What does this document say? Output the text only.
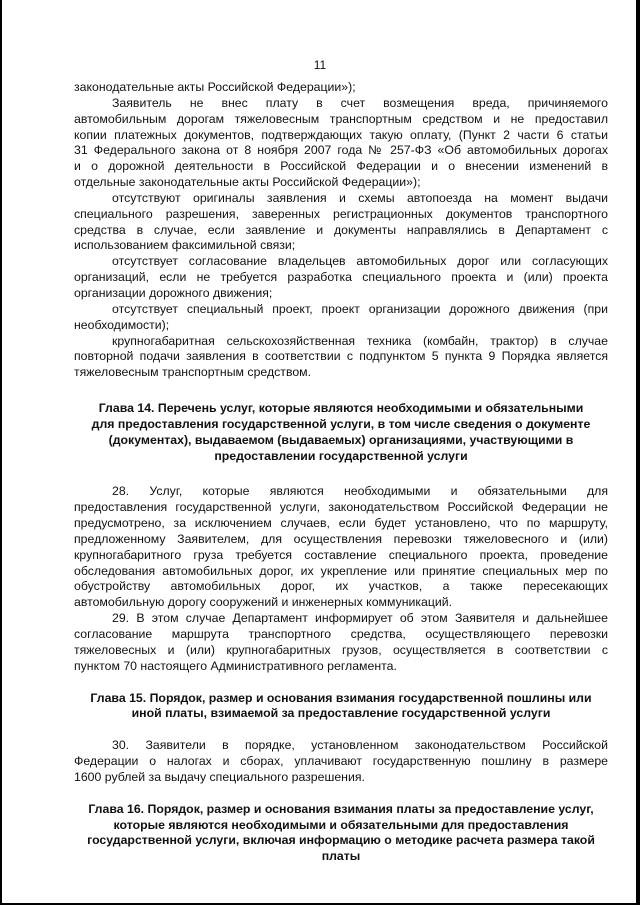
11
законодательные акты Российской Федерации»);
Заявитель не внес плату в счет возмещения вреда, причиняемого
автомобильным дорогам тяжеловесным транспортным средством и не предоставил
копии платежных документов, подтверждающих такую оплату, (Пункт 2 части 6 статьи
31 Федерального закона от 8 ноября 2007 года № 257-ФЗ «Об автомобильных дорогах
и о дорожной деятельности в Российской Федерации и о внесении изменений в
отдельные законодательные акты Российской Федерации»);
отсутствуют оригиналы заявления и схемы автопоезда на момент выдачи
специального разрешения, заверенных регистрационных документов транспортного
средства в случае, если заявление и документы направлялись в Департамент с
использованием факсимильной связи;
отсутствует согласование владельцев автомобильных дорог или согласующих
организаций, если не требуется разработка специального проекта и (или) проекта
организации дорожного движения;
отсутствует специальный проект, проект организации дорожного движения (при
необходимости);
крупногабаритная сельскохозяйственная техника (комбайн, трактор) в случае
повторной подачи заявления в соответствии с подпунктом 5 пункта 9 Порядка является
тяжеловесным транспортным средством.
Глава 14. Перечень услуг, которые являются необходимыми и обязательными
для предоставления государственной услуги, в том числе сведения о документе
(документах), выдаваемом (выдаваемых) организациями, участвующими в
предоставлении государственной услуги
28. Услуг, которые являются необходимыми и обязательными для
предоставления государственной услуги, законодательством Российской Федерации не
предусмотрено, за исключением случаев, если будет установлено, что по маршруту,
предложенному Заявителем, для осуществления перевозки тяжеловесного и (или)
крупногабаритного груза требуется составление специального проекта, проведение
обследования автомобильных дорог, их укрепление или принятие специальных мер по
обустройству автомобильных дорог, их участков, а также пересекающих
автомобильную дорогу сооружений и инженерных коммуникаций.
29. В этом случае Департамент информирует об этом Заявителя и дальнейшее
согласование маршрута транспортного средства, осуществляющего перевозки
тяжеловесных и (или) крупногабаритных грузов, осуществляется в соответствии с
пунктом 70 настоящего Административного регламента.
Глава 15. Порядок, размер и основания взимания государственной пошлины или
иной платы, взимаемой за предоставление государственной услуги
30. Заявители в порядке, установленном законодательством Российской
Федерации о налогах и сборах, уплачивают государственную пошлину в размере
1600 рублей за выдачу специального разрешения.
Глава 16. Порядок, размер и основания взимания платы за предоставление услуг,
которые являются необходимыми и обязательными для предоставления
государственной услуги, включая информацию о методике расчета размера такой
платы
